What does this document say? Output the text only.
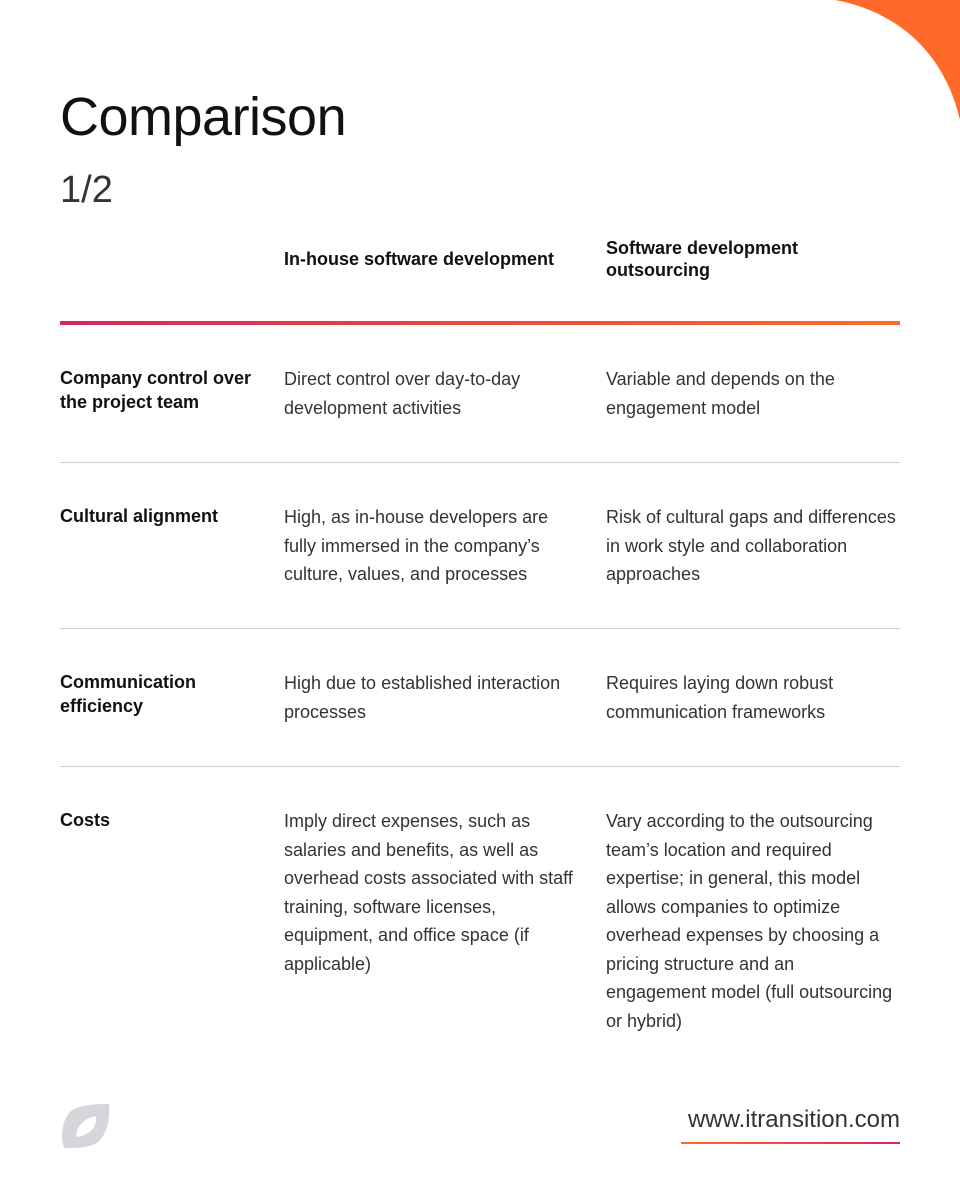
Comparison
1/2
In-house software development
Software development outsourcing
Company control over the project team
Direct control over day-to-day development activities
Variable and depends on the engagement model
Cultural alignment	High, as in-house developers are fully immersed in the company’s culture, values, and processes
Risk of cultural gaps and differences in work style and collaboration approaches
Communication efficiency
High due to established interaction processes
Requires laying down robust communication frameworks
Costs	Imply direct expenses, such as salaries and benefits, as well as overhead costs associated with staff training, software licenses, equipment, and office space (if applicable)
Vary according to the outsourcing team’s location and required expertise; in general, this model allows companies to optimize overhead expenses by choosing a pricing structure and an engagement model (full outsourcing or hybrid)
www.itransition.com
